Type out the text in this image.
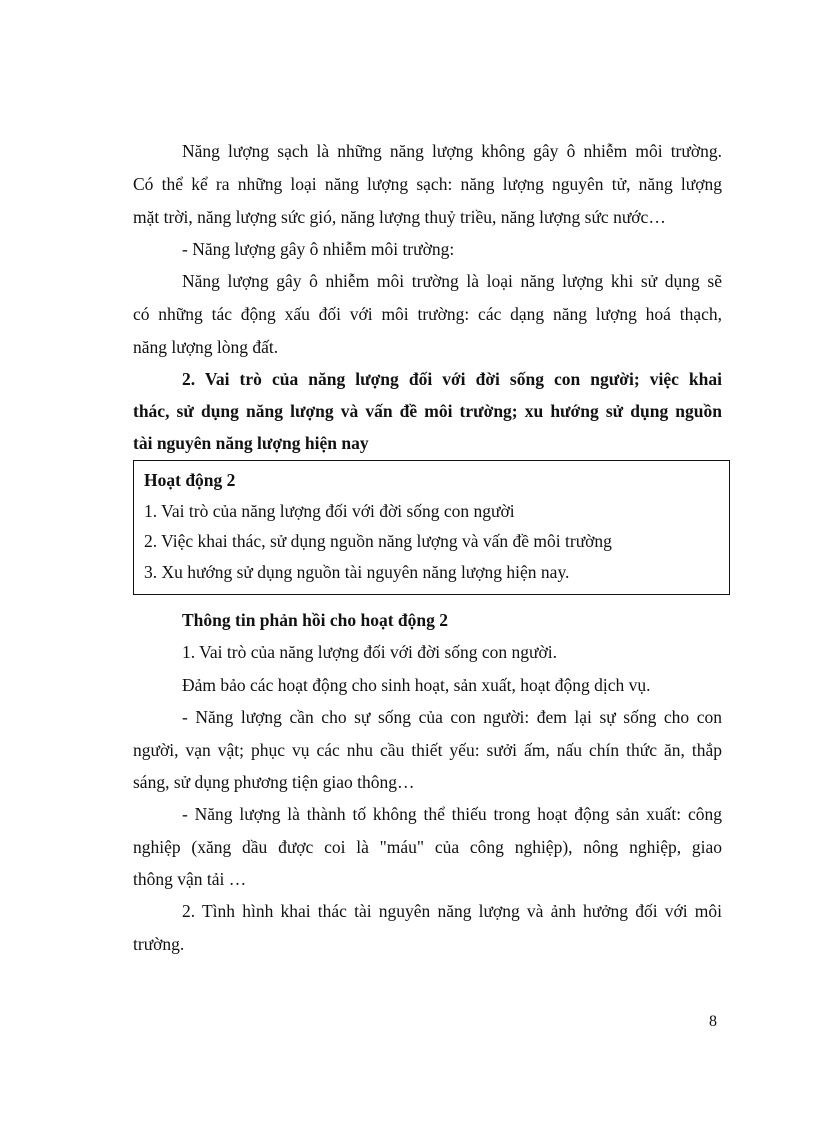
Năng lượng sạch là những năng lượng không gây ô nhiễm môi trường.

Có thể kể ra những loại năng lượng sạch: năng lượng nguyên tử, năng lượng

mặt trời, năng lượng sức gió, năng lượng thuỷ triều, năng lượng sức nước…

- Năng lượng gây ô nhiễm môi trường:

Năng lượng gây ô nhiễm môi trường là loại năng lượng khi sử dụng sẽ

có những tác động xấu đối với môi trường: các dạng năng lượng hoá thạch,

năng lượng lòng đất.

2. Vai trò của năng lượng đối với đời sống con người; việc khai

thác, sử dụng năng lượng và vấn đề môi trường; xu hướng sử dụng nguồn

tài nguyên năng lượng hiện nay

Hoạt động 2

1. Vai trò của năng lượng đối với đời sống con người

2. Việc khai thác, sử dụng nguồn năng lượng và vấn đề môi trường

3. Xu hướng sử dụng nguồn tài nguyên năng lượng hiện nay.

Thông tin phản hồi cho hoạt động 2

1. Vai trò của năng lượng đối với đời sống con người.

Đảm bảo các hoạt động cho sinh hoạt, sản xuất, hoạt động dịch vụ.

- Năng lượng cần cho sự sống của con người: đem lại sự sống cho con

người, vạn vật; phục vụ các nhu cầu thiết yếu: sưởi ấm, nấu chín thức ăn, thắp

sáng, sử dụng phương tiện giao thông…

- Năng lượng là thành tố không thể thiếu trong hoạt động sản xuất: công

nghiệp (xăng dầu được coi là "máu" của công nghiệp), nông nghiệp, giao

thông vận tải …

2. Tình hình khai thác tài nguyên năng lượng và ảnh hưởng đối với môi

trường.

8
